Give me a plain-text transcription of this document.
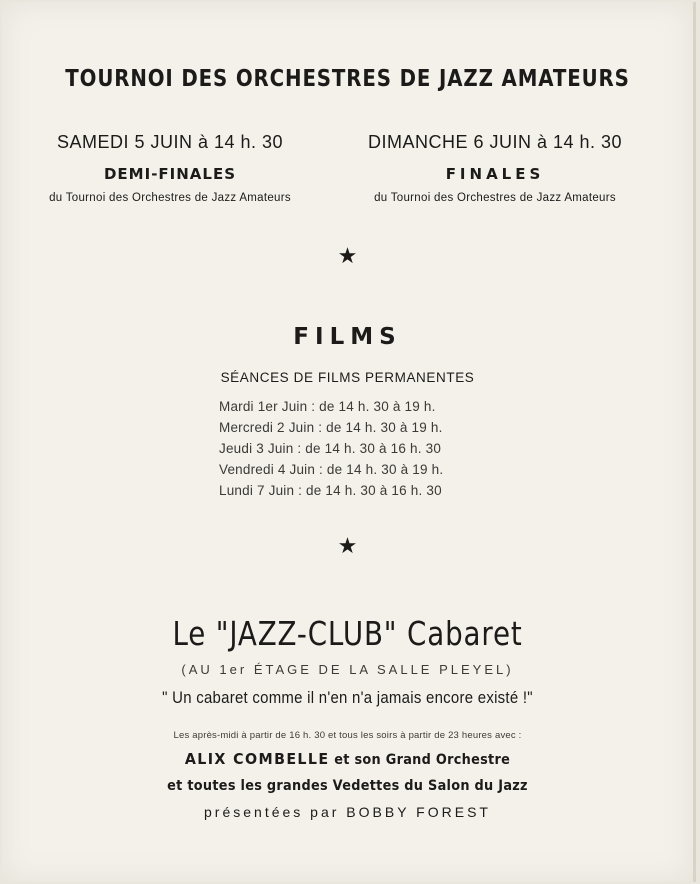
TOURNOI DES ORCHESTRES DE JAZZ AMATEURS
SAMEDI 5 JUIN à 14 h. 30
DEMI-FINALES
du Tournoi des Orchestres de Jazz Amateurs
DIMANCHE 6 JUIN à 14 h. 30
FINALES
du Tournoi des Orchestres de Jazz Amateurs
★
FILMS
SÉANCES DE FILMS PERMANENTES
Mardi 1er Juin : de 14 h. 30 à 19 h.
Mercredi 2 Juin : de 14 h. 30 à 19 h.
Jeudi 3 Juin : de 14 h. 30 à 16 h. 30
Vendredi 4 Juin : de 14 h. 30 à 19 h.
Lundi 7 Juin : de 14 h. 30 à 16 h. 30
★
Le "JAZZ-CLUB" Cabaret
(AU 1er ÉTAGE DE LA SALLE PLEYEL)
" Un cabaret comme il n'en n'a jamais encore existé !"
Les après-midi à partir de 16 h. 30 et tous les soirs à partir de 23 heures avec :
ALIX COMBELLE et son Grand Orchestre
et toutes les grandes Vedettes du Salon du Jazz
présentées par BOBBY FOREST
